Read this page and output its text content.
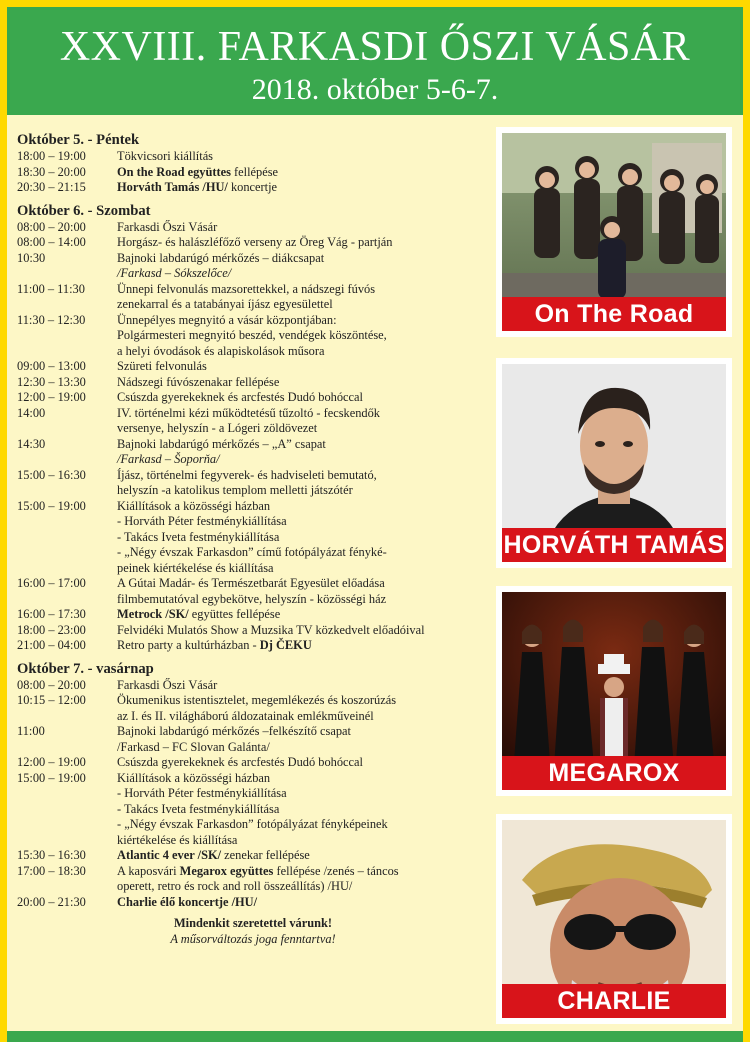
XXVIII. FARKASDI ŐSZI VÁSÁR
2018. október 5-6-7.
Október 5. - Péntek
18:00 – 19:00	Tökvicsori kiállítás
18:30 – 20:00	On the Road együttes fellépése
20:30 – 21:15	Horváth Tamás /HU/ koncertje
Október 6. - Szombat
08:00 – 20:00	Farkasdi Őszi Vásár
08:00 – 14:00	Horgász- és halászléfőző verseny az Öreg Vág - partján
10:30	Bajnoki labdarúgó mérkőzés – diákcsapat
/Farkasd – Sókszelőce/
11:00 – 11:30	Ünnepi felvonulás mazsorettekkel, a nádszegi fúvós
zenekarral és a tatabányai íjász egyesülettel
11:30 – 12:30	Ünnepélyes megnyitó a vásár központjában:
Polgármesteri megnyitó beszéd, vendégek köszöntése,
a helyi óvodások és alapiskolások műsora
09:00 – 13:00	Szüreti felvonulás
12:30 – 13:30	Nádszegi fúvószenakar fellépése
12:00 – 19:00	Csúszda gyerekeknek és arcfestés Dudó bohóccal
14:00	IV. történelmi kézi működtetésű tűzoltó - fecskendők
versenye, helyszín - a Lógeri zöldövezet
14:30	Bajnoki labdarúgó mérkőzés – „A” csapat
/Farkasd – Šoporňa/
15:00 – 16:30	Íjász, történelmi fegyverek- és hadviseleti bemutató,
helyszín -a katolikus templom melletti játszótér
15:00 – 19:00	Kiállítások a közösségi házban
- Horváth Péter festménykiállítása
- Takács Iveta festménykiállítása
- „Négy évszak Farkasdon” című fotópályázat fényké-
peinek kiértékelése és kiállítása
16:00 – 17:00	A Gútai Madár- és Természetbarát Egyesület előadása
filmbemutatóval egybekötve, helyszín - közösségi ház
16:00 – 17:30	Metrock /SK/ együttes fellépése
18:00 – 23:00	Felvidéki Mulatós Show a Muzsika TV közkedvelt előadóival
21:00 – 04:00	Retro party a kultúrházban - Dj ČEKU
Október 7. - vasárnap
08:00 – 20:00	Farkasdi Őszi Vásár
10:15 – 12:00	Ökumenikus istentisztelet, megemlékezés és koszorúzás
az I. és II. világháború áldozatainak emlékműveinél
11:00	Bajnoki labdarúgó mérkőzés –felkészítő csapat
/Farkasd – FC Slovan Galánta/
12:00 – 19:00	Csúszda gyerekeknek és arcfestés Dudó bohóccal
15:00 – 19:00	Kiállítások a közösségi házban
- Horváth Péter festménykiállítása
- Takács Iveta festménykiállítása
- „Négy évszak Farkasdon” fotópályázat fényképeinek
kiértékelése és kiállítása
15:30 – 16:30	Atlantic 4 ever /SK/ zenekar fellépése
17:00 – 18:30	A kaposvári Megarox együttes fellépése /zenés – táncos
operett, retro és rock and roll összeállítás) /HU/
20:00 – 21:30	Charlie élő koncertje /HU/
Mindenkit szeretettel várunk!
A műsorváltozás joga fenntartva!
On The Road
HORVÁTH TAMÁS
MEGAROX
CHARLIE
